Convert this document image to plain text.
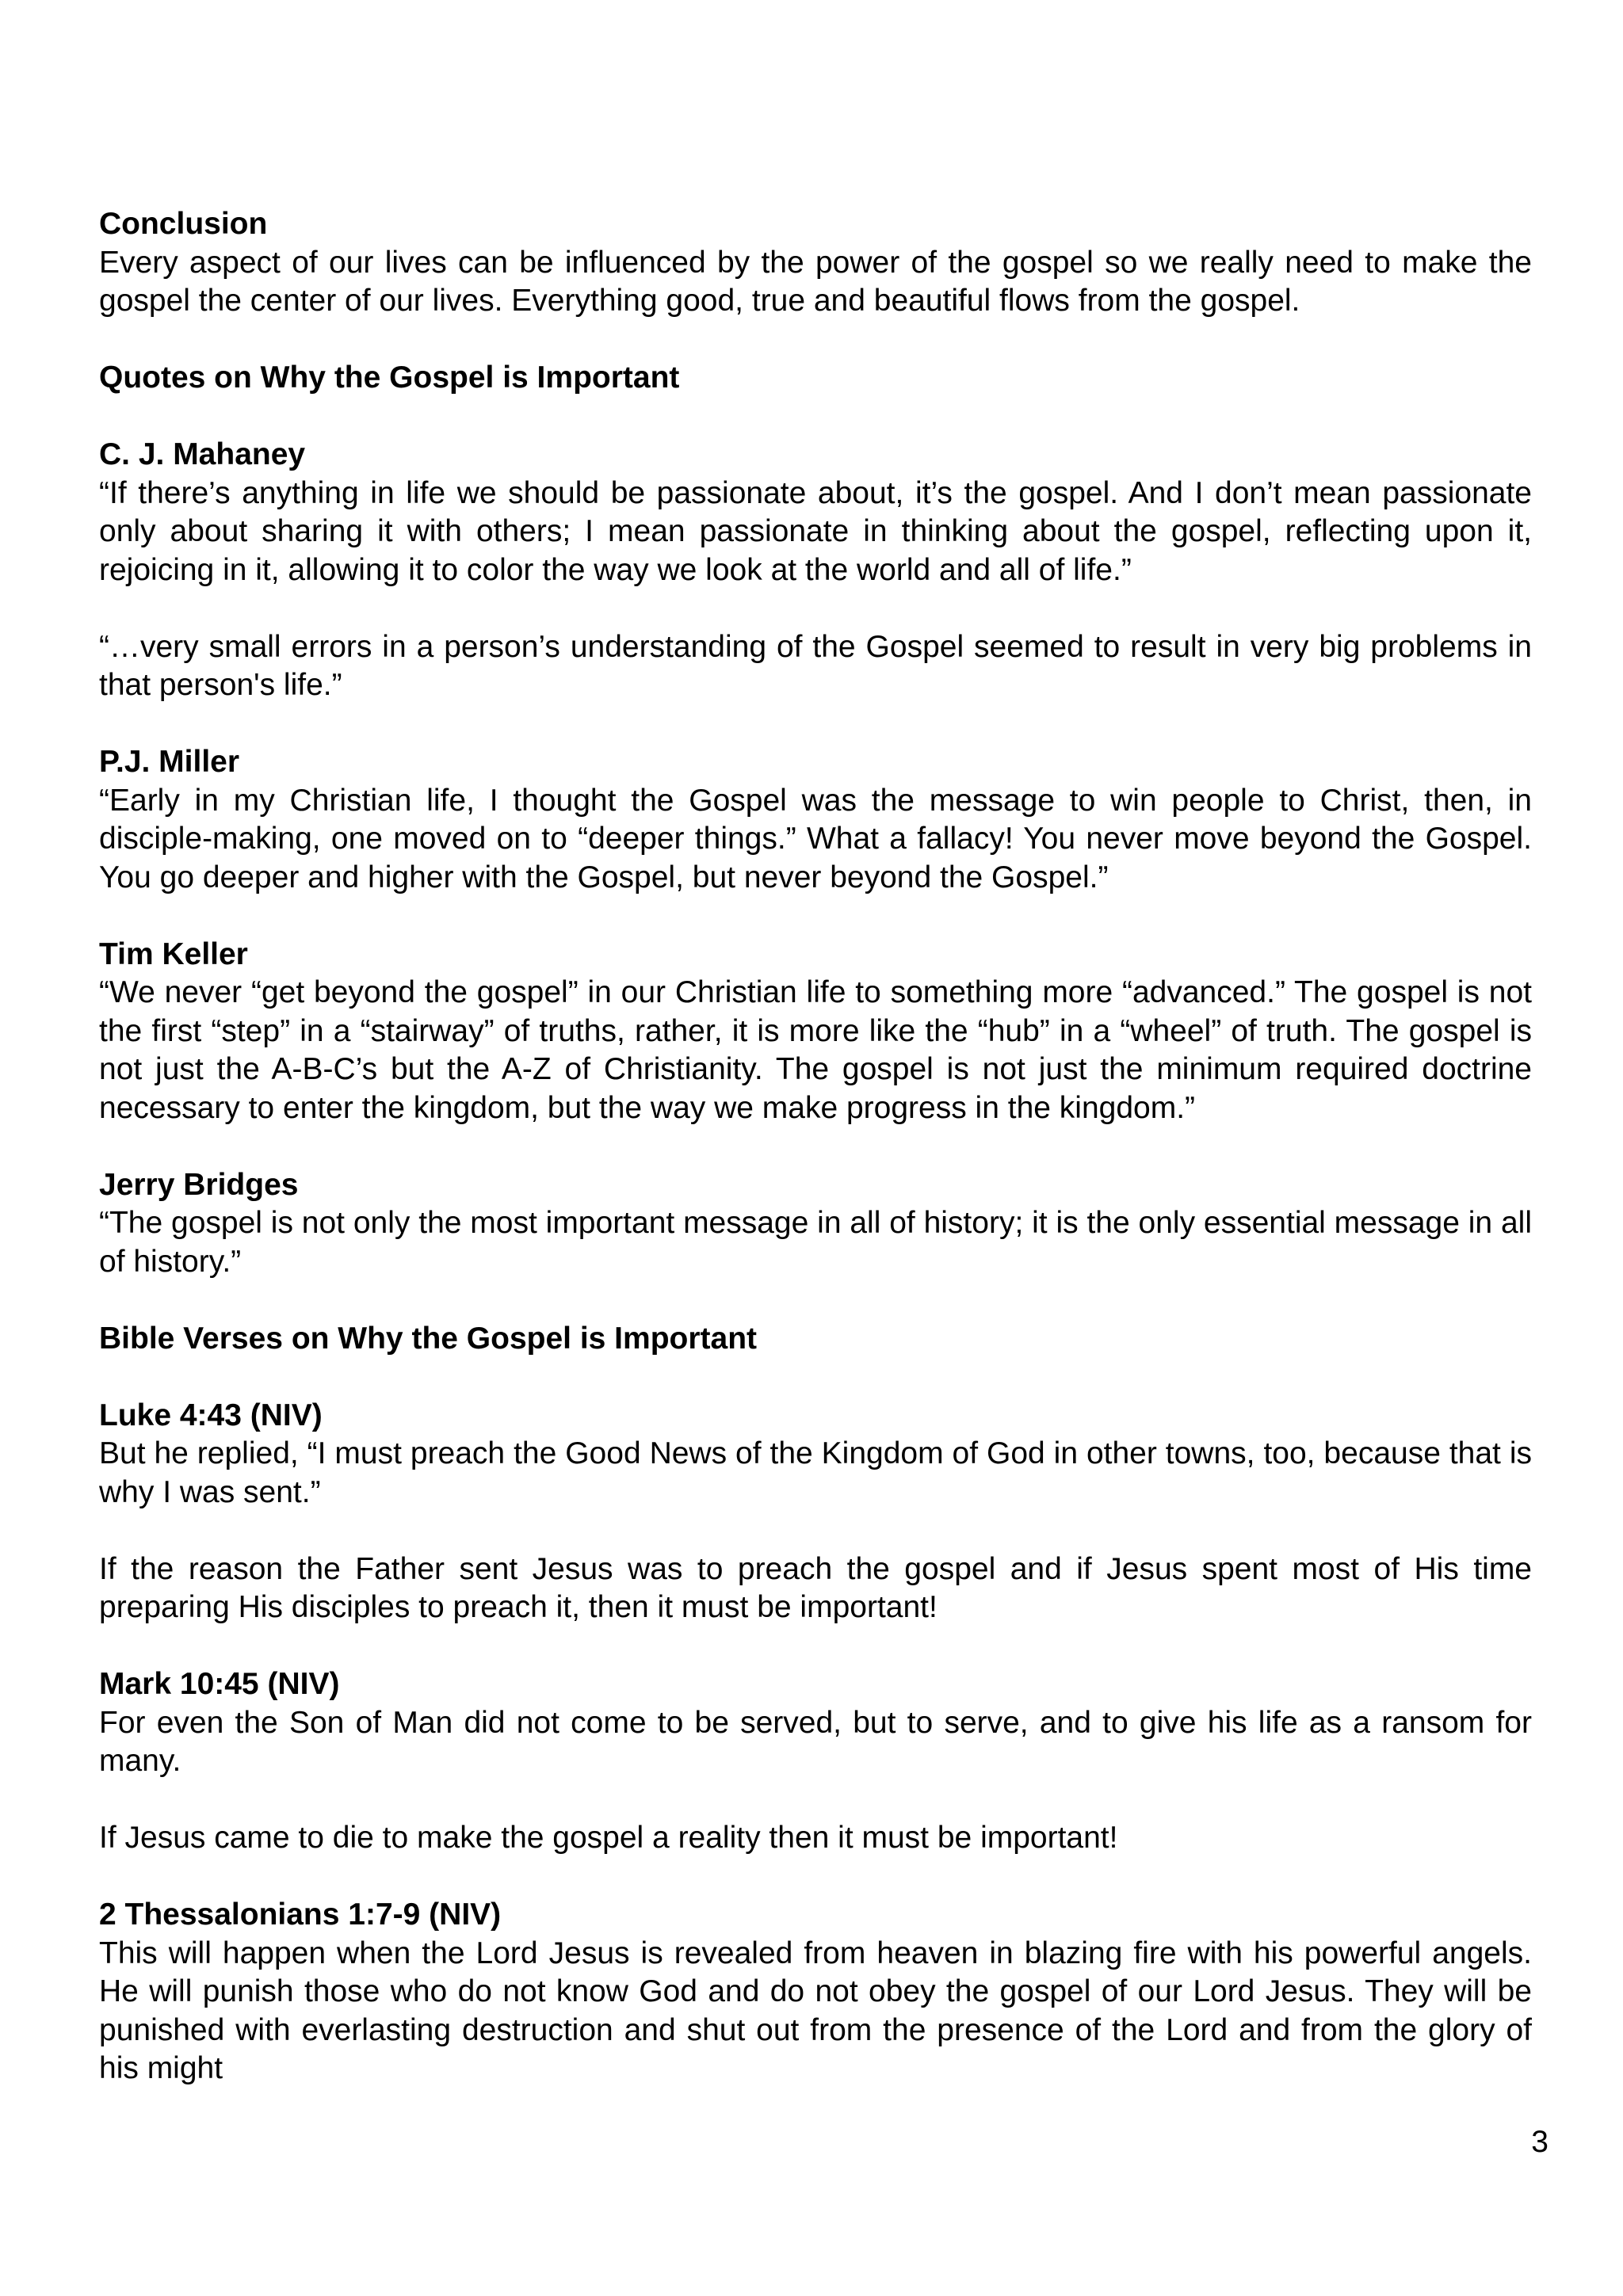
Conclusion

Every aspect of our lives can be influenced by the power of the gospel so we really need to make the gospel the center of our lives. Everything good, true and beautiful flows from the gospel.

Quotes on Why the Gospel is Important

C. J. Mahaney

“If there’s anything in life we should be passionate about, it’s the gospel. And I don’t mean passionate only about sharing it with others; I mean passionate in thinking about the gospel, reflecting upon it, rejoicing in it, allowing it to color the way we look at the world and all of life.”

“…very small errors in a person’s understanding of the Gospel seemed to result in very big problems in that person's life.”

P.J. Miller

“Early in my Christian life, I thought the Gospel was the message to win people to Christ, then, in disciple-making, one moved on to “deeper things.” What a fallacy! You never move beyond the Gospel. You go deeper and higher with the Gospel, but never beyond the Gospel.”

Tim Keller

“We never “get beyond the gospel” in our Christian life to something more “advanced.” The gospel is not the first “step” in a “stairway” of truths, rather, it is more like the “hub” in a “wheel” of truth. The gospel is not just the A-B-C’s but the A-Z of Christianity. The gospel is not just the minimum required doctrine necessary to enter the kingdom, but the way we make progress in the kingdom.”

Jerry Bridges

“The gospel is not only the most important message in all of history; it is the only essential message in all of history.”

Bible Verses on Why the Gospel is Important

Luke 4:43 (NIV)

But he replied, “I must preach the Good News of the Kingdom of God in other towns, too, because that is why I was sent.”

If the reason the Father sent Jesus was to preach the gospel and if Jesus spent most of His time preparing His disciples to preach it, then it must be important!

Mark 10:45 (NIV)

For even the Son of Man did not come to be served, but to serve, and to give his life as a ransom for many.

If Jesus came to die to make the gospel a reality then it must be important!

2 Thessalonians 1:7-9 (NIV)

This will happen when the Lord Jesus is revealed from heaven in blazing fire with his powerful angels. He will punish those who do not know God and do not obey the gospel of our Lord Jesus. They will be punished with everlasting destruction and shut out from the presence of the Lord and from the glory of his might

3
